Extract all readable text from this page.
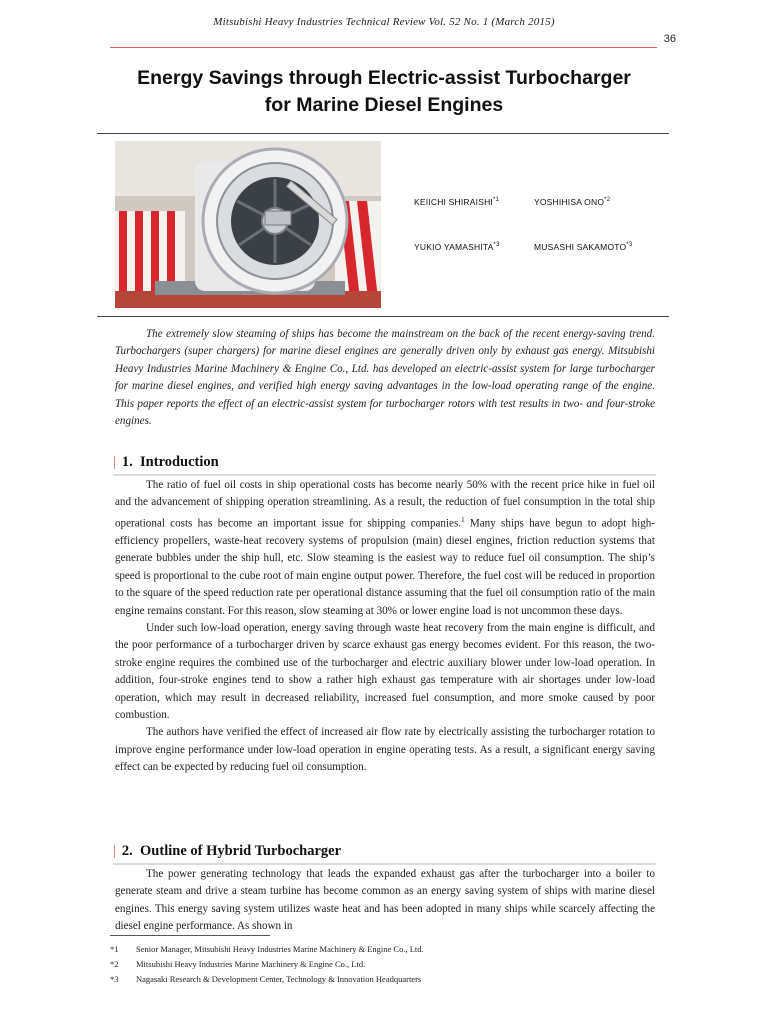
Mitsubishi Heavy Industries Technical Review Vol. 52 No. 1 (March 2015)
36
Energy Savings through Electric-assist Turbocharger
for Marine Diesel Engines
KEIICHI SHIRAISHI$^{*1}$	YOSHIHISA ONO$^{*2}$
YUKIO YAMASHITA$^{*3}$	MUSASHI SAKAMOTO$^{*3}$

The extremely slow steaming of ships has become the mainstream on the back of the recent energy-saving trend. Turbochargers (super chargers) for marine diesel engines are generally driven only by exhaust gas energy. Mitsubishi Heavy Industries Marine Machinery & Engine Co., Ltd. has developed an electric-assist system for large turbocharger for marine diesel engines, and verified high energy saving advantages in the low-load operating range of the engine. This paper reports the effect of an electric-assist system for turbocharger rotors with test results in two- and four-stroke engines.

| 1. Introduction

The ratio of fuel oil costs in ship operational costs has become nearly 50% with the recent price hike in fuel oil and the advancement of shipping operation streamlining. As a result, the reduction of fuel consumption in the total ship operational costs has become an important issue for shipping companies.$^1$ Many ships have begun to adopt high-efficiency propellers, waste-heat recovery systems of propulsion (main) diesel engines, friction reduction systems that generate bubbles under the ship hull, etc. Slow steaming is the easiest way to reduce fuel oil consumption. The ship’s speed is proportional to the cube root of main engine output power. Therefore, the fuel cost will be reduced in proportion to the square of the speed reduction rate per operational distance assuming that the fuel oil consumption ratio of the main engine remains constant. For this reason, slow steaming at 30% or lower engine load is not uncommon these days.

Under such low-load operation, energy saving through waste heat recovery from the main engine is difficult, and the poor performance of a turbocharger driven by scarce exhaust gas energy becomes evident. For this reason, the two-stroke engine requires the combined use of the turbocharger and electric auxiliary blower under low-load operation. In addition, four-stroke engines tend to show a rather high exhaust gas temperature with air shortages under low-load operation, which may result in decreased reliability, increased fuel consumption, and more smoke caused by poor combustion.

The authors have verified the effect of increased air flow rate by electrically assisting the turbocharger rotation to improve engine performance under low-load operation in engine operating tests. As a result, a significant energy saving effect can be expected by reducing fuel oil consumption.

| 2. Outline of Hybrid Turbocharger

The power generating technology that leads the expanded exhaust gas after the turbocharger into a boiler to generate steam and drive a steam turbine has become common as an energy saving system of ships with marine diesel engines. This energy saving system utilizes waste heat and has been adopted in many ships while scarcely affecting the diesel engine performance. As shown in

*1 Senior Manager, Mitsubishi Heavy Industries Marine Machinery & Engine Co., Ltd.
*2 Mitsubishi Heavy Industries Marine Machinery & Engine Co., Ltd.
*3 Nagasaki Research & Development Center, Technology & Innovation Headquarters
